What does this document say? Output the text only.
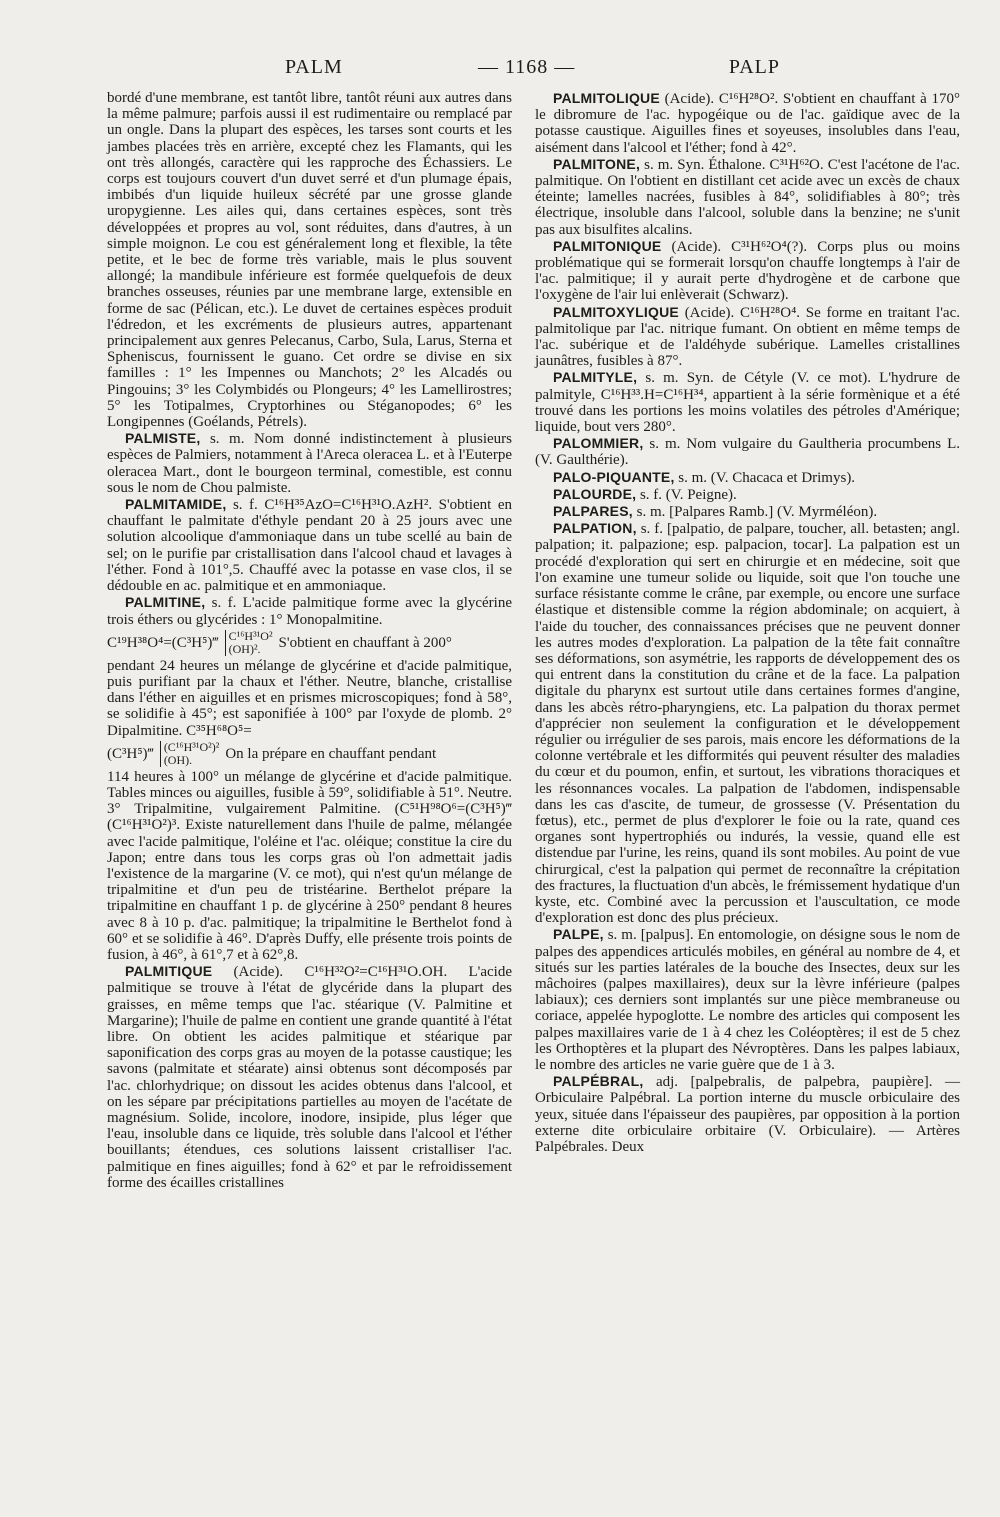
PALM	— 1168 —	PALP

bordé d'une membrane, est tantôt libre, tantôt réuni aux autres dans la même palmure; parfois aussi il est rudimentaire ou remplacé par un ongle. Dans la plupart des espèces, les tarses sont courts et les jambes placées très en arrière, excepté chez les Flamants, qui les ont très allongés, caractère qui les rapproche des Échassiers. Le corps est toujours couvert d'un duvet serré et d'un plumage épais, imbibés d'un liquide huileux sécrété par une grosse glande uropygienne. Les ailes qui, dans certaines espèces, sont très développées et propres au vol, sont réduites, dans d'autres, à un simple moignon. Le cou est généralement long et flexible, la tête petite, et le bec de forme très variable, mais le plus souvent allongé; la mandibule inférieure est formée quelquefois de deux branches osseuses, réunies par une membrane large, extensible en forme de sac (Pélican, etc.). Le duvet de certaines espèces produit l'édredon, et les excréments de plusieurs autres, appartenant principalement aux genres Pelecanus, Carbo, Sula, Larus, Sterna et Spheniscus, fournissent le guano. Cet ordre se divise en six familles : 1° les Impennes ou Manchots; 2° les Alcadés ou Pingouins; 3° les Colymbidés ou Plongeurs; 4° les Lamellirostres; 5° les Totipalmes, Cryptorhines ou Stéganopodes; 6° les Longipennes (Goélands, Pétrels).

PALMISTE, s. m. Nom donné indistinctement à plusieurs espèces de Palmiers, notamment à l'Areca oleracea L. et à l'Euterpe oleracea Mart., dont le bourgeon terminal, comestible, est connu sous le nom de Chou palmiste.

PALMITAMIDE, s. f. C¹⁶H³⁵AzO=C¹⁶H³¹O.AzH². S'obtient en chauffant le palmitate d'éthyle pendant 20 à 25 jours avec une solution alcoolique d'ammoniaque dans un tube scellé au bain de sel; on le purifie par cristallisation dans l'alcool chaud et lavages à l'éther. Fond à 101°,5. Chauffé avec la potasse en vase clos, il se dédouble en ac. palmitique et en ammoniaque.

PALMITINE, s. f. L'acide palmitique forme avec la glycérine trois éthers ou glycérides : 1° Monopalmitine.

C¹⁹H³⁸O⁴=(C³H⁵)‴ C¹⁶H³¹O²
(OH)².	S'obtient en chauffant à 200°

pendant 24 heures un mélange de glycérine et d'acide palmitique, puis purifiant par la chaux et l'éther. Neutre, blanche, cristallise dans l'éther en aiguilles et en prismes microscopiques; fond à 58°, se solidifie à 45°; est saponifiée à 100° par l'oxyde de plomb. 2° Dipalmitine. C³⁵H⁶⁸O⁵=

(C³H⁵)‴ (C¹⁶H³¹O²)²
(OH).	On la prépare en chauffant pendant

114 heures à 100° un mélange de glycérine et d'acide palmitique. Tables minces ou aiguilles, fusible à 59°, solidifiable à 51°. Neutre. 3° Tripalmitine, vulgairement Palmitine. (C⁵¹H⁹⁸O⁶=(C³H⁵)‴(C¹⁶H³¹O²)³. Existe naturellement dans l'huile de palme, mélangée avec l'acide palmitique, l'oléine et l'ac. oléique; constitue la cire du Japon; entre dans tous les corps gras où l'on admettait jadis l'existence de la margarine (V. ce mot), qui n'est qu'un mélange de tripalmitine et d'un peu de tristéarine. Berthelot prépare la tripalmitine en chauffant 1 p. de glycérine à 250° pendant 8 heures avec 8 à 10 p. d'ac. palmitique; la tripalmitine le Berthelot fond à 60° et se solidifie à 46°. D'après Duffy, elle présente trois points de fusion, à 46°, à 61°,7 et à 62°,8.

PALMITIQUE (Acide). C¹⁶H³²O²=C¹⁶H³¹O.OH. L'acide palmitique se trouve à l'état de glycéride dans la plupart des graisses, en même temps que l'ac. stéarique (V. Palmitine et Margarine); l'huile de palme en contient une grande quantité à l'état libre. On obtient les acides palmitique et stéarique par saponification des corps gras au moyen de la potasse caustique; les savons (palmitate et stéarate) ainsi obtenus sont décomposés par l'ac. chlorhydrique; on dissout les acides obtenus dans l'alcool, et on les sépare par précipitations partielles au moyen de l'acétate de magnésium. Solide, incolore, inodore, insipide, plus léger que l'eau, insoluble dans ce liquide, très soluble dans l'alcool et l'éther bouillants; étendues, ces solutions laissent cristalliser l'ac. palmitique en fines aiguilles; fond à 62° et par le refroidissement forme des écailles cristallines

PALMITOLIQUE (Acide). C¹⁶H²⁸O². S'obtient en chauffant à 170° le dibromure de l'ac. hypogéique ou de l'ac. gaïdique avec de la potasse caustique. Aiguilles fines et soyeuses, insolubles dans l'eau, aisément dans l'alcool et l'éther; fond à 42°.

PALMITONE, s. m. Syn. Éthalone. C³¹H⁶²O. C'est l'acétone de l'ac. palmitique. On l'obtient en distillant cet acide avec un excès de chaux éteinte; lamelles nacrées, fusibles à 84°, solidifiables à 80°; très électrique, insoluble dans l'alcool, soluble dans la benzine; ne s'unit pas aux bisulfites alcalins.

PALMITONIQUE (Acide). C³¹H⁶²O⁴(?). Corps plus ou moins problématique qui se formerait lorsqu'on chauffe longtemps à l'air de l'ac. palmitique; il y aurait perte d'hydrogène et de carbone que l'oxygène de l'air lui enlèverait (Schwarz).

PALMITOXYLIQUE (Acide). C¹⁶H²⁸O⁴. Se forme en traitant l'ac. palmitolique par l'ac. nitrique fumant. On obtient en même temps de l'ac. subérique et de l'aldéhyde subérique. Lamelles cristallines jaunâtres, fusibles à 87°.

PALMITYLE, s. m. Syn. de Cétyle (V. ce mot). L'hydrure de palmityle, C¹⁶H³³.H=C¹⁶H³⁴, appartient à la série formènique et a été trouvé dans les portions les moins volatiles des pétroles d'Amérique; liquide, bout vers 280°.

PALOMMIER, s. m. Nom vulgaire du Gaultheria procumbens L. (V. Gaulthérie).

PALO-PIQUANTE, s. m. (V. Chacaca et Drimys).

PALOURDE, s. f. (V. Peigne).

PALPARES, s. m. [Palpares Ramb.] (V. Myrméléon).

PALPATION, s. f. [palpatio, de palpare, toucher, all. betasten; angl. palpation; it. palpazione; esp. palpacion, tocar]. La palpation est un procédé d'exploration qui sert en chirurgie et en médecine, soit que l'on examine une tumeur solide ou liquide, soit que l'on touche une surface résistante comme le crâne, par exemple, ou encore une surface élastique et distensible comme la région abdominale; on acquiert, à l'aide du toucher, des connaissances précises que ne peuvent donner les autres modes d'exploration. La palpation de la tête fait connaître ses déformations, son asymétrie, les rapports de développement des os qui entrent dans la constitution du crâne et de la face. La palpation digitale du pharynx est surtout utile dans certaines formes d'angine, dans les abcès rétro-pharyngiens, etc. La palpation du thorax permet d'apprécier non seulement la configuration et le développement régulier ou irrégulier de ses parois, mais encore les déformations de la colonne vertébrale et les difformités qui peuvent résulter des maladies du cœur et du poumon, enfin, et surtout, les vibrations thoraciques et les résonnances vocales. La palpation de l'abdomen, indispensable dans les cas d'ascite, de tumeur, de grossesse (V. Présentation du fœtus), etc., permet de plus d'explorer le foie ou la rate, quand ces organes sont hypertrophiés ou indurés, la vessie, quand elle est distendue par l'urine, les reins, quand ils sont mobiles. Au point de vue chirurgical, c'est la palpation qui permet de reconnaître la crépitation des fractures, la fluctuation d'un abcès, le frémissement hydatique d'un kyste, etc. Combiné avec la percussion et l'auscultation, ce mode d'exploration est donc des plus précieux.

PALPE, s. m. [palpus]. En entomologie, on désigne sous le nom de palpes des appendices articulés mobiles, en général au nombre de 4, et situés sur les parties latérales de la bouche des Insectes, deux sur les mâchoires (palpes maxillaires), deux sur la lèvre inférieure (palpes labiaux); ces derniers sont implantés sur une pièce membraneuse ou coriace, appelée hypoglotte. Le nombre des articles qui composent les palpes maxillaires varie de 1 à 4 chez les Coléoptères; il est de 5 chez les Orthoptères et la plupart des Névroptères. Dans les palpes labiaux, le nombre des articles ne varie guère que de 1 à 3.

PALPÉBRAL, adj. [palpebralis, de palpebra, paupière]. — Orbiculaire Palpébral. La portion interne du muscle orbiculaire des yeux, située dans l'épaisseur des paupières, par opposition à la portion externe dite orbiculaire orbitaire (V. Orbiculaire). — Artères Palpébrales. Deux
